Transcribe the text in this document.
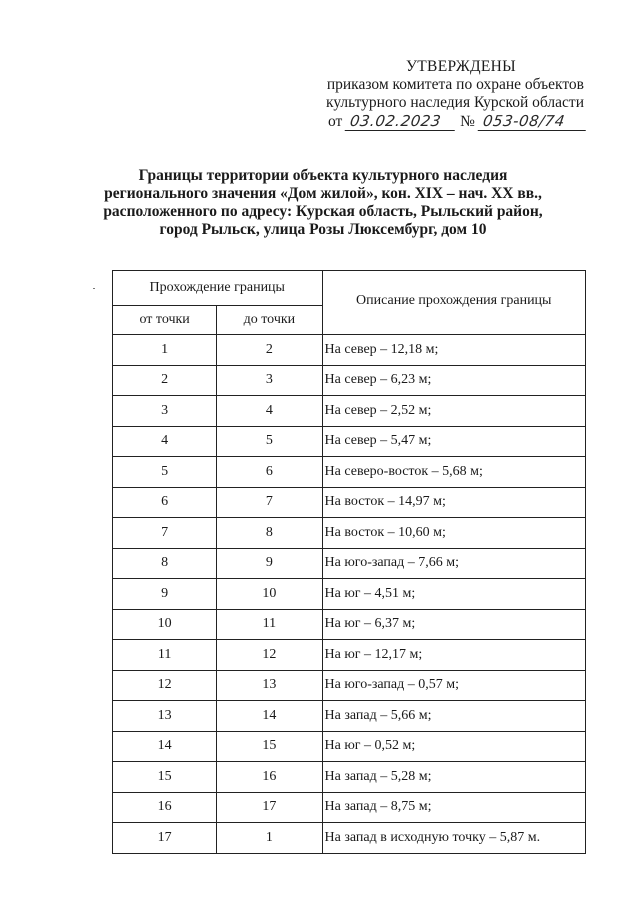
УТВЕРЖДЕНЫ
приказом комитета по охране объектов
культурного наследия Курской области
от 03.02.2023 № 053-08/74
Границы территории объекта культурного наследия
регионального значения «Дом жилой», кон. XIX – нач. XX вв.,
расположенного по адресу: Курская область, Рыльский район,
город Рыльск, улица Розы Люксембург, дом 10
Прохождение границы		Описание прохождения границы
от точки	до точки	
1	2	На север – 12,18 м;
2	3	На север – 6,23 м;
3	4	На север – 2,52 м;
4	5	На север – 5,47 м;
5	6	На северо-восток – 5,68 м;
6	7	На восток – 14,97 м;
7	8	На восток – 10,60 м;
8	9	На юго-запад – 7,66 м;
9	10	На юг – 4,51 м;
10	11	На юг – 6,37 м;
11	12	На юг – 12,17 м;
12	13	На юго-запад – 0,57 м;
13	14	На запад – 5,66 м;
14	15	На юг – 0,52 м;
15	16	На запад – 5,28 м;
16	17	На запад – 8,75 м;
17	1	На запад в исходную точку – 5,87 м.
